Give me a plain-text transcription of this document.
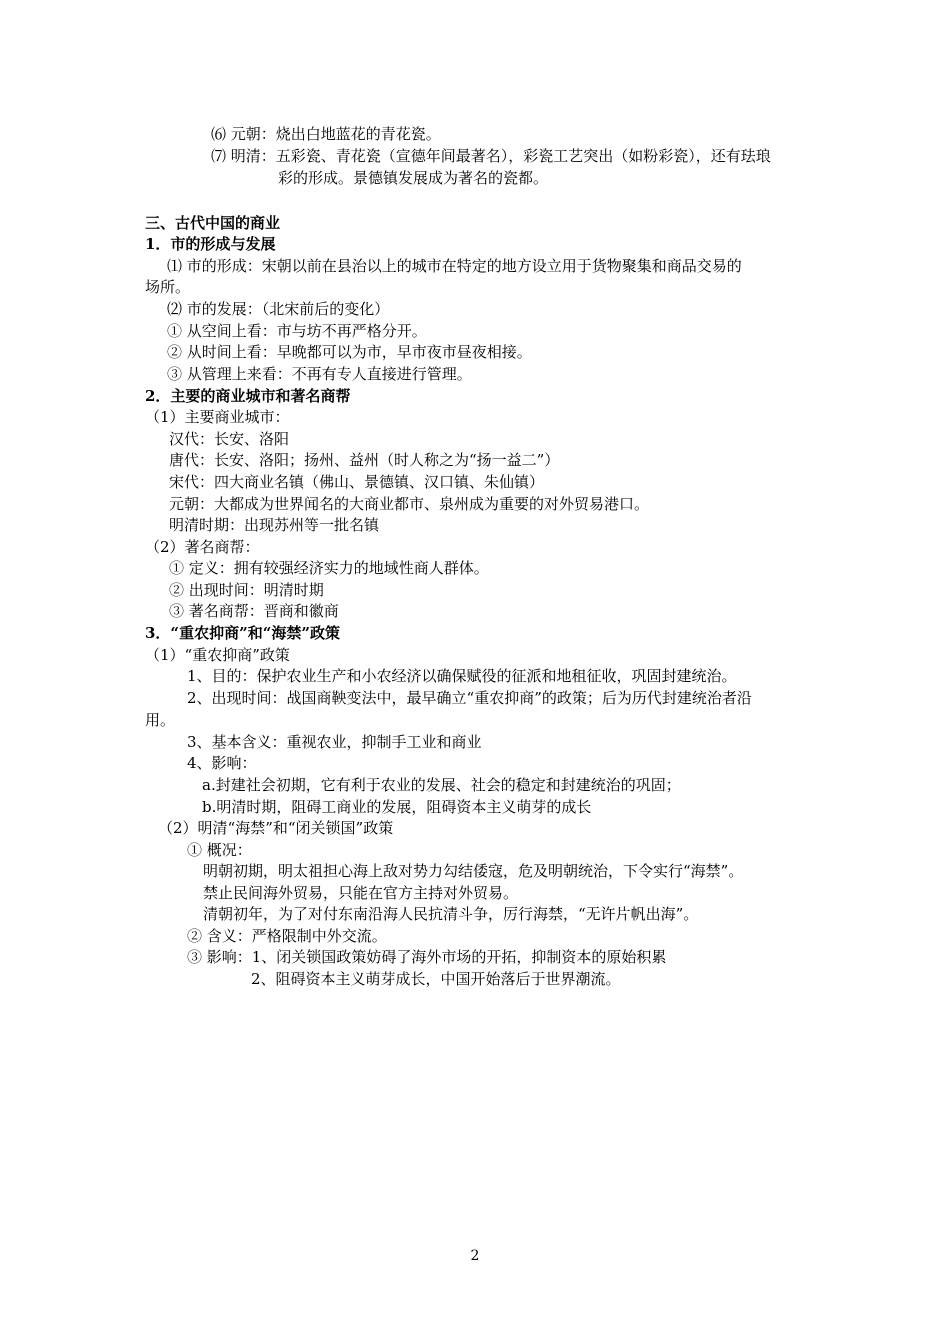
⑹ 元朝：烧出白地蓝花的青花瓷。
⑺ 明清：五彩瓷、青花瓷（宣德年间最著名），彩瓷工艺突出（如粉彩瓷），还有珐琅
彩的形成。景德镇发展成为著名的瓷都。
三、古代中国的商业
1．市的形成与发展
⑴ 市的形成：宋朝以前在县治以上的城市在特定的地方设立用于货物聚集和商品交易的
场所。
⑵ 市的发展：（北宋前后的变化）
① 从空间上看：市与坊不再严格分开。
② 从时间上看：早晚都可以为市，早市夜市昼夜相接。
③ 从管理上来看：不再有专人直接进行管理。
2．主要的商业城市和著名商帮
（1）主要商业城市：
汉代：长安、洛阳
唐代：长安、洛阳；扬州、益州（时人称之为“扬一益二”）
宋代：四大商业名镇（佛山、景德镇、汉口镇、朱仙镇）
元朝：大都成为世界闻名的大商业都市、泉州成为重要的对外贸易港口。
明清时期：出现苏州等一批名镇
（2）著名商帮：
① 定义：拥有较强经济实力的地域性商人群体。
② 出现时间：明清时期
③ 著名商帮：晋商和徽商
3．“重农抑商”和“海禁”政策
（1）“重农抑商”政策
1、目的：保护农业生产和小农经济以确保赋役的征派和地租征收，巩固封建统治。
2、出现时间：战国商鞅变法中，最早确立“重农抑商”的政策；后为历代封建统治者沿
用。
3、基本含义：重视农业，抑制手工业和商业
4、影响：
a.封建社会初期，它有利于农业的发展、社会的稳定和封建统治的巩固；
b.明清时期，阻碍工商业的发展，阻碍资本主义萌芽的成长
（2）明清“海禁”和“闭关锁国”政策
① 概况：
明朝初期，明太祖担心海上敌对势力勾结倭寇，危及明朝统治，下令实行“海禁”。
禁止民间海外贸易，只能在官方主持对外贸易。
清朝初年，为了对付东南沿海人民抗清斗争，厉行海禁，“无许片帆出海”。
② 含义：严格限制中外交流。
③ 影响：1、闭关锁国政策妨碍了海外市场的开拓，抑制资本的原始积累
2、阻碍资本主义萌芽成长，中国开始落后于世界潮流。
2
